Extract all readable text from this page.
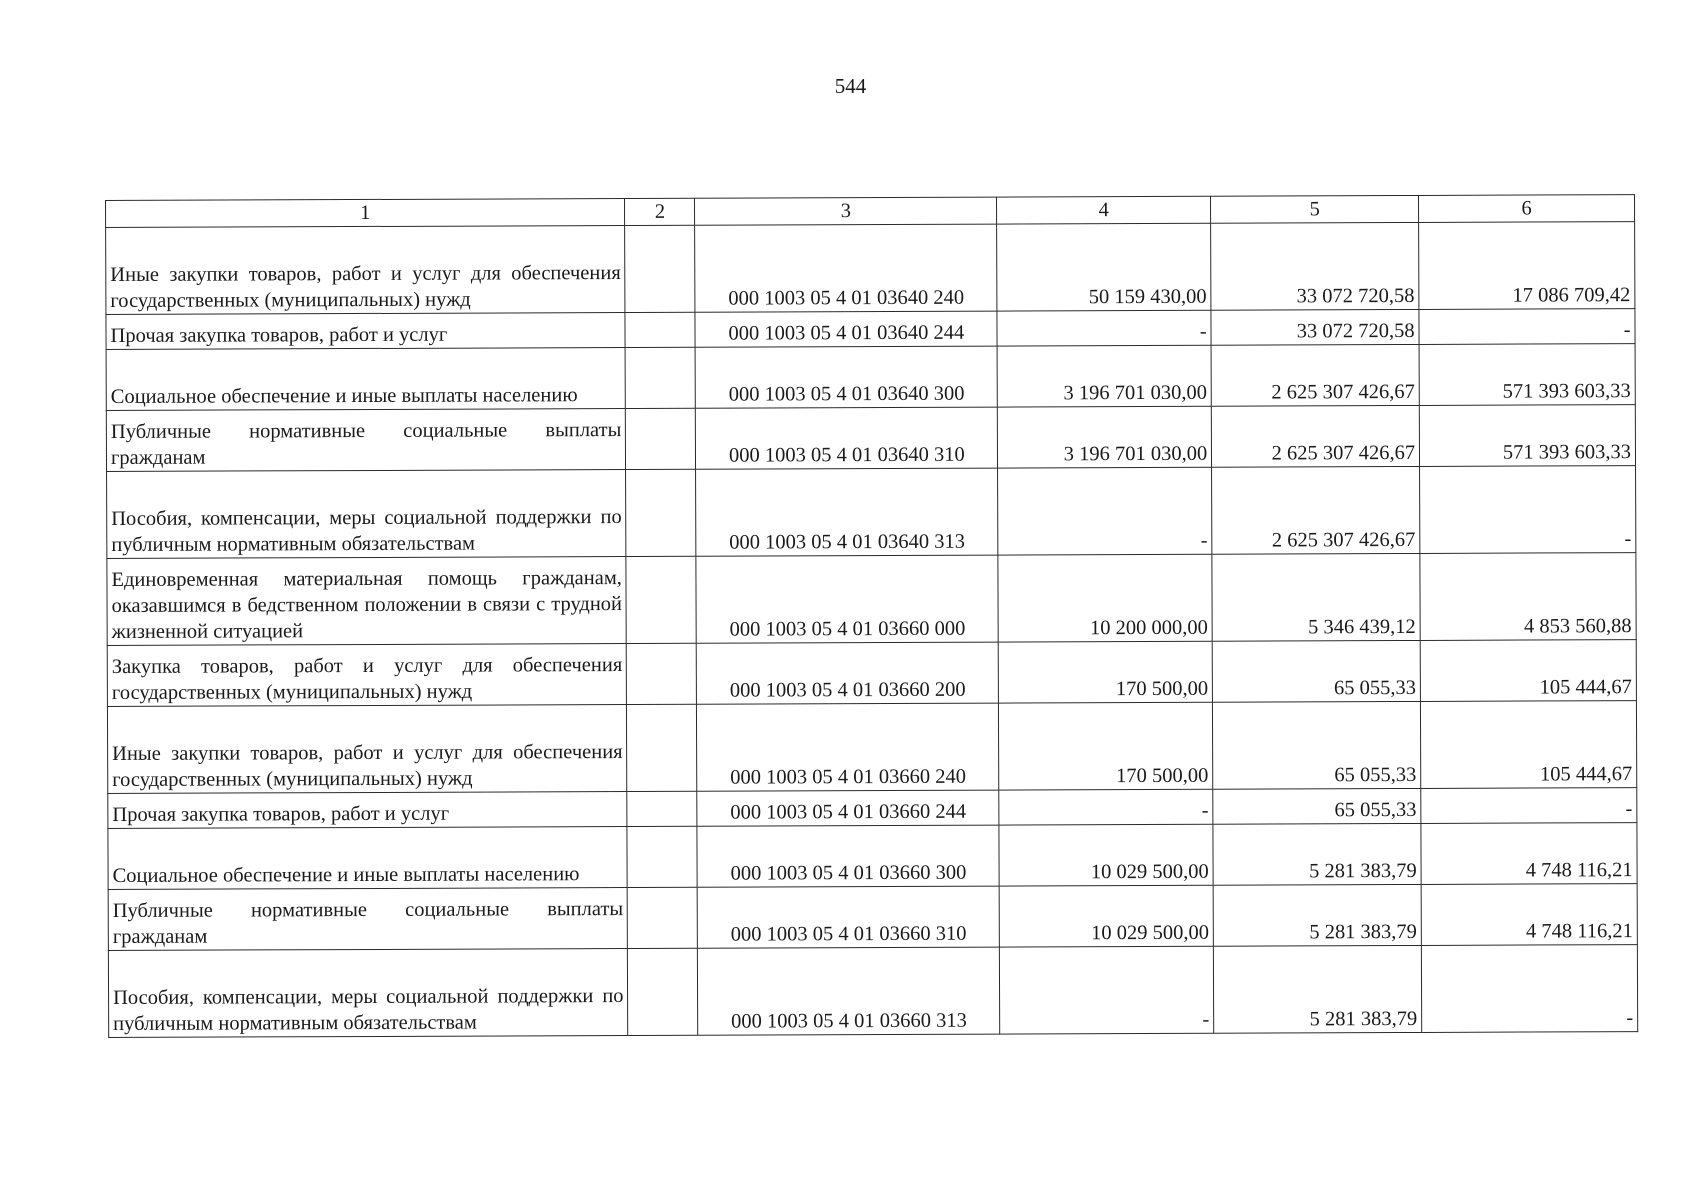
544
1	2	3	4	5	6
Иные закупки товаров, работ и услуг для обеспечения государственных (муниципальных) нужд		000 1003 05 4 01 03640 240	50 159 430,00	33 072 720,58	17 086 709,42
Прочая закупка товаров, работ и услуг		000 1003 05 4 01 03640 244	-	33 072 720,58	-
Социальное обеспечение и иные выплаты населению		000 1003 05 4 01 03640 300	3 196 701 030,00	2 625 307 426,67	571 393 603,33
Публичные нормативные социальные выплаты гражданам		000 1003 05 4 01 03640 310	3 196 701 030,00	2 625 307 426,67	571 393 603,33
Пособия, компенсации, меры социальной поддержки по публичным нормативным обязательствам		000 1003 05 4 01 03640 313	-	2 625 307 426,67	-
Единовременная материальная помощь гражданам, оказавшимся в бедственном положении в связи с трудной жизненной ситуацией		000 1003 05 4 01 03660 000	10 200 000,00	5 346 439,12	4 853 560,88
Закупка товаров, работ и услуг для обеспечения государственных (муниципальных) нужд		000 1003 05 4 01 03660 200	170 500,00	65 055,33	105 444,67
Иные закупки товаров, работ и услуг для обеспечения государственных (муниципальных) нужд		000 1003 05 4 01 03660 240	170 500,00	65 055,33	105 444,67
Прочая закупка товаров, работ и услуг		000 1003 05 4 01 03660 244	-	65 055,33	-
Социальное обеспечение и иные выплаты населению		000 1003 05 4 01 03660 300	10 029 500,00	5 281 383,79	4 748 116,21
Публичные нормативные социальные выплаты гражданам		000 1003 05 4 01 03660 310	10 029 500,00	5 281 383,79	4 748 116,21
Пособия, компенсации, меры социальной поддержки по публичным нормативным обязательствам		000 1003 05 4 01 03660 313	-	5 281 383,79	-
